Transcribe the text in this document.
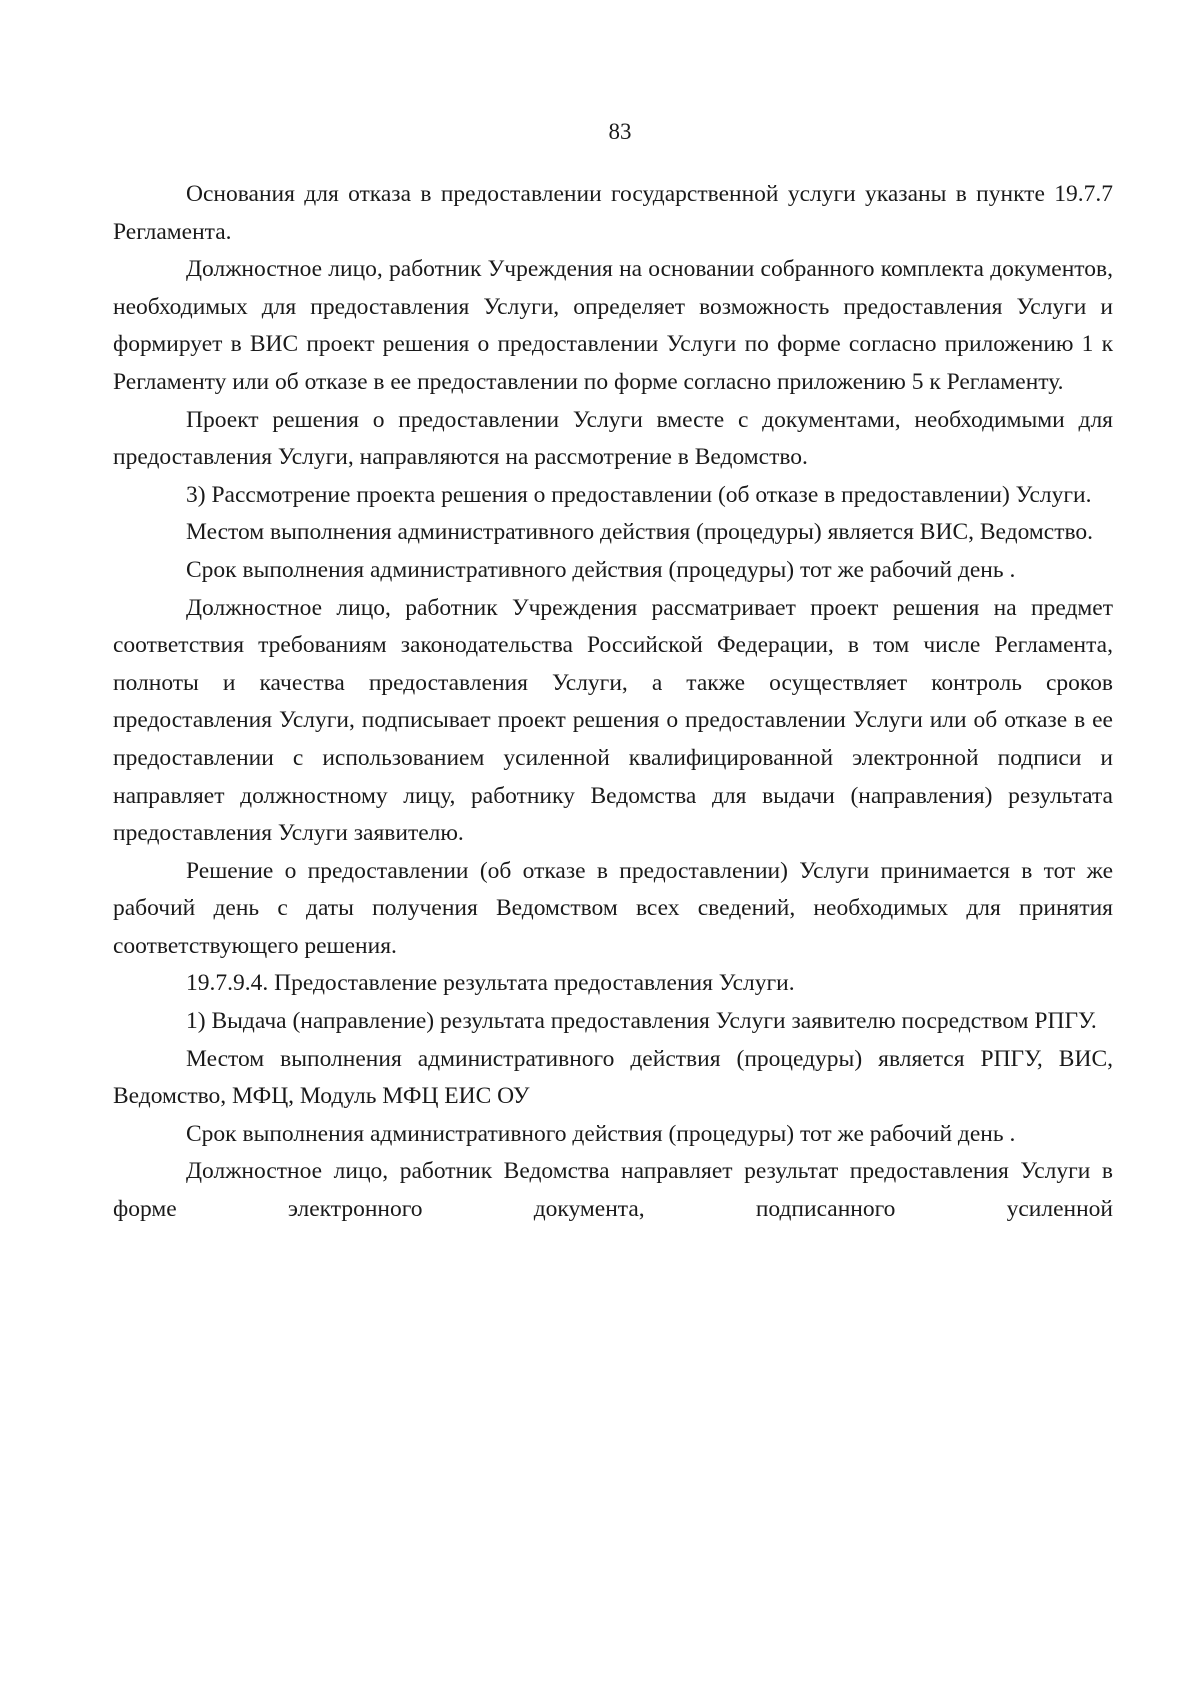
83

Основания для отказа в предоставлении государственной услуги указаны в пункте 19.7.7 Регламента.

Должностное лицо, работник Учреждения на основании собранного комплекта документов, необходимых для предоставления Услуги, определяет возможность предоставления Услуги и формирует в ВИС проект решения о предоставлении Услуги по форме согласно приложению 1 к Регламенту или об отказе в ее предоставлении по форме согласно приложению 5 к Регламенту.

Проект решения о предоставлении Услуги вместе с документами, необходимыми для предоставления Услуги, направляются на рассмотрение в Ведомство.

3) Рассмотрение проекта решения о предоставлении (об отказе в предоставлении) Услуги.

Местом выполнения административного действия (процедуры) является ВИС, Ведомство.

Срок выполнения административного действия (процедуры) тот же рабочий день .

Должностное лицо, работник Учреждения рассматривает проект решения на предмет соответствия требованиям законодательства Российской Федерации, в том числе Регламента, полноты и качества предоставления Услуги, а также осуществляет контроль сроков предоставления Услуги, подписывает проект решения о предоставлении Услуги или об отказе в ее предоставлении с использованием усиленной квалифицированной электронной подписи и направляет должностному лицу, работнику Ведомства для выдачи (направления) результата предоставления Услуги заявителю.

Решение о предоставлении (об отказе в предоставлении) Услуги принимается в тот же рабочий день с даты получения Ведомством всех сведений, необходимых для принятия соответствующего решения.

19.7.9.4. Предоставление результата предоставления Услуги.

1) Выдача (направление) результата предоставления Услуги заявителю посредством РПГУ.

Местом выполнения административного действия (процедуры) является РПГУ, ВИС, Ведомство, МФЦ, Модуль МФЦ ЕИС ОУ

Срок выполнения административного действия (процедуры) тот же рабочий день .

Должностное лицо, работник Ведомства направляет результат предоставления Услуги в форме электронного документа, подписанного усиленной
